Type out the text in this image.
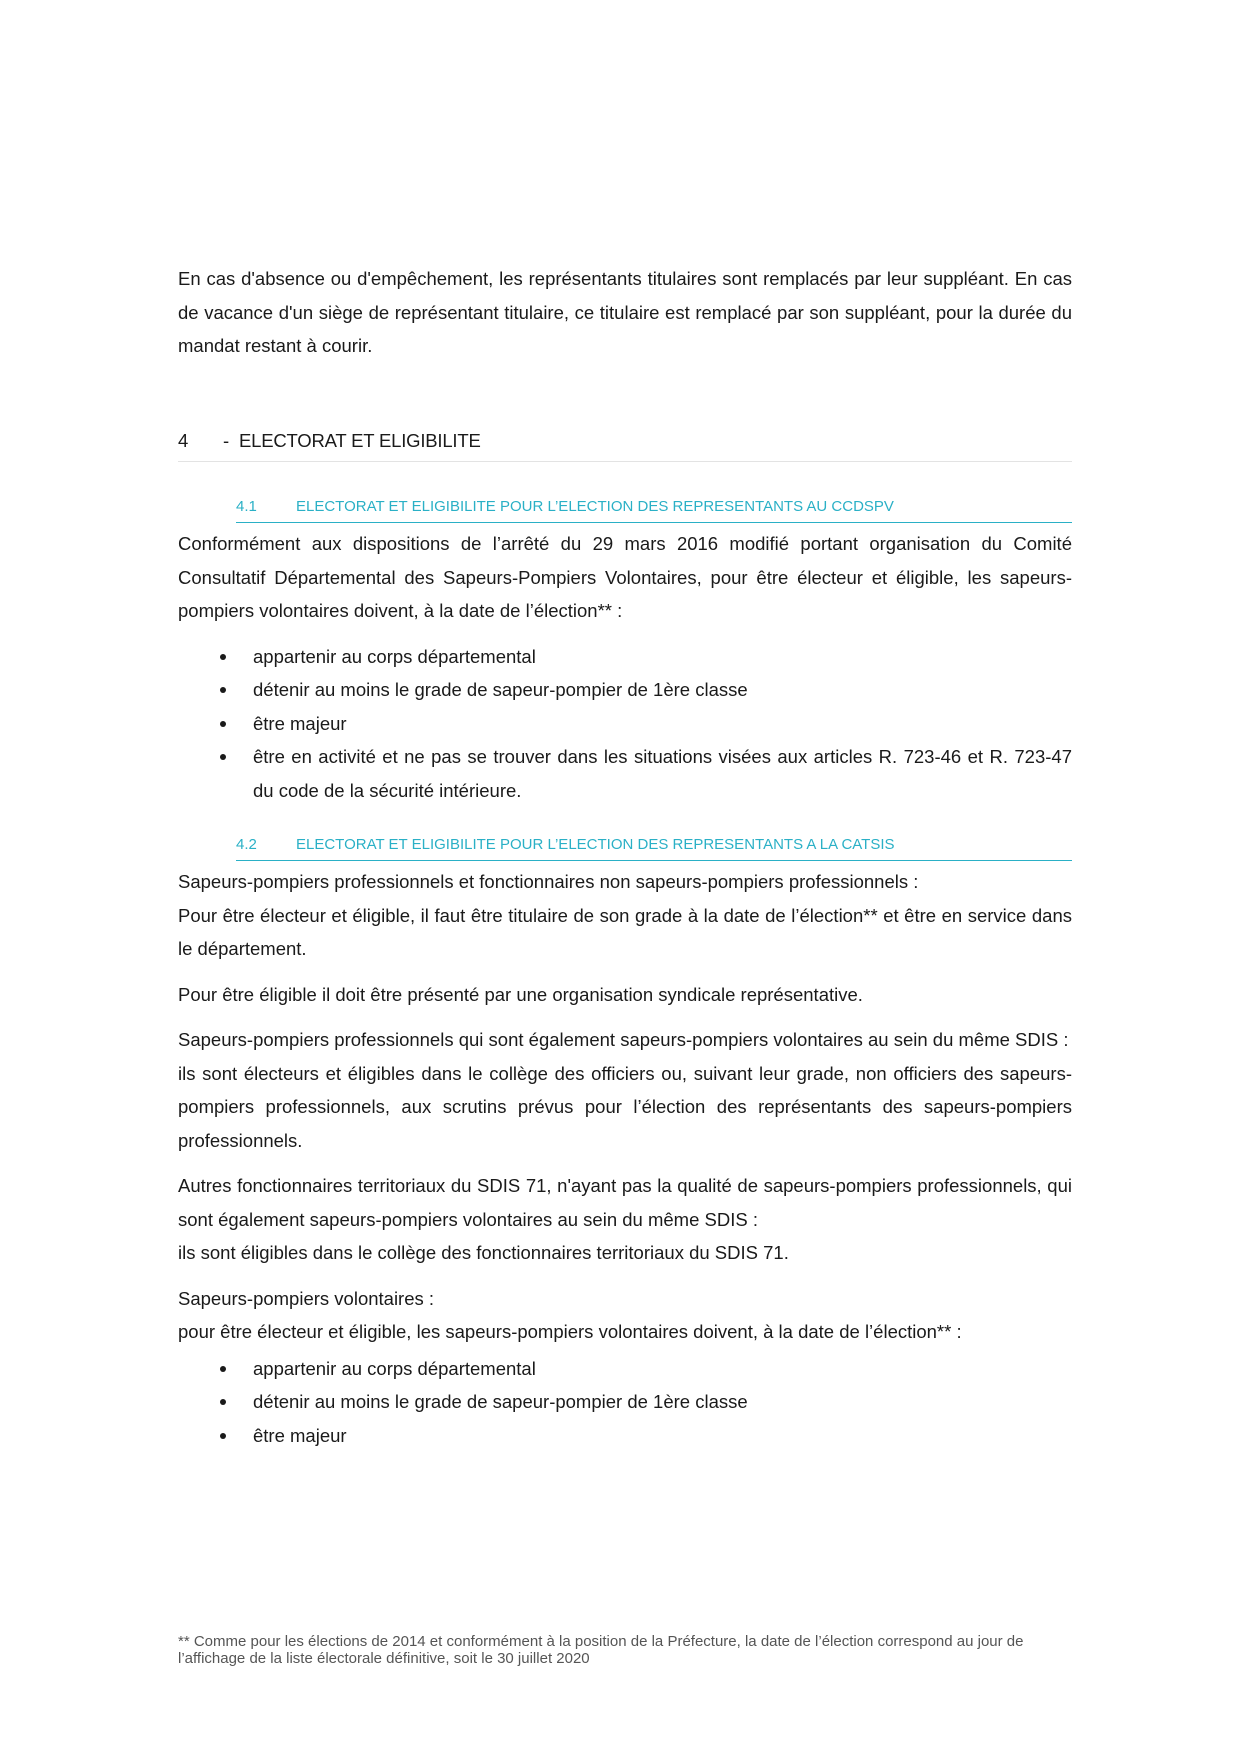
En cas d'absence ou d'empêchement, les représentants titulaires sont remplacés par leur suppléant. En cas de vacance d'un siège de représentant titulaire, ce titulaire est remplacé par son suppléant, pour la durée du mandat restant à courir.

4	- ELECTORAT ET ELIGIBILITE
4.1	ELECTORAT ET ELIGIBILITE POUR L’ELECTION DES REPRESENTANTS AU CCDSPV

Conformément aux dispositions de l’arrêté du 29 mars 2016 modifié portant organisation du Comité Consultatif Départemental des Sapeurs-Pompiers Volontaires, pour être électeur et éligible, les sapeurs-pompiers volontaires doivent, à la date de l’élection** :

appartenir au corps départemental
détenir au moins le grade de sapeur-pompier de 1ère classe
être majeur
être en activité et ne pas se trouver dans les situations visées aux articles R. 723-46 et R. 723-47 du code de la sécurité intérieure.
4.2	ELECTORAT ET ELIGIBILITE POUR L’ELECTION DES REPRESENTANTS A LA CATSIS

Sapeurs-pompiers professionnels et fonctionnaires non sapeurs-pompiers professionnels :

Pour être électeur et éligible, il faut être titulaire de son grade à la date de l’élection** et être en service dans le département.

Pour être éligible il doit être présenté par une organisation syndicale représentative.

Sapeurs-pompiers professionnels qui sont également sapeurs-pompiers volontaires au sein du même SDIS :

ils sont électeurs et éligibles dans le collège des officiers ou, suivant leur grade, non officiers des sapeurs-pompiers professionnels, aux scrutins prévus pour l’élection des représentants des sapeurs-pompiers professionnels.

Autres fonctionnaires territoriaux du SDIS 71, n'ayant pas la qualité de sapeurs-pompiers professionnels, qui sont également sapeurs-pompiers volontaires au sein du même SDIS :

ils sont éligibles dans le collège des fonctionnaires territoriaux du SDIS 71.

Sapeurs-pompiers volontaires :

pour être électeur et éligible, les sapeurs-pompiers volontaires doivent, à la date de l’élection** :

appartenir au corps départemental
détenir au moins le grade de sapeur-pompier de 1ère classe
être majeur
** Comme pour les élections de 2014 et conformément à la position de la Préfecture, la date de l’élection correspond au jour de l’affichage de la liste électorale définitive, soit le 30 juillet 2020
